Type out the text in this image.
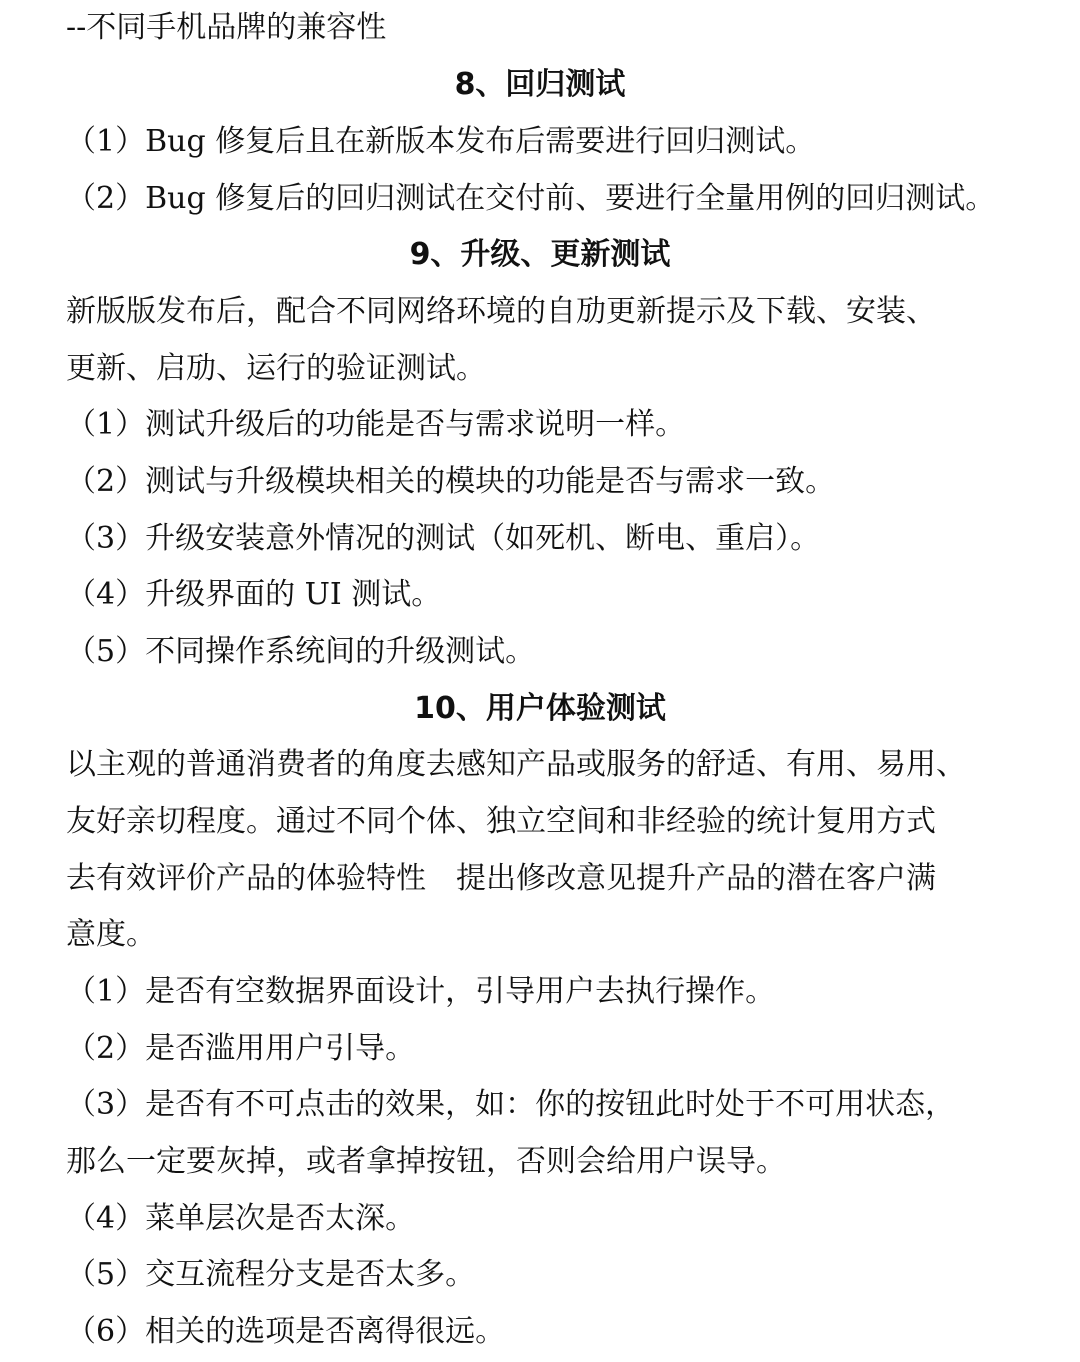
--不同手机品牌的兼容性
8、回归测试
（1）Bug 修复后且在新版本发布后需要进行回归测试。
（2）Bug 修复后的回归测试在交付前、要进行全量用例的回归测试。
9、升级、更新测试
新版版发布后，配合不同网络环境的自劢更新提示及下载、安装、
更新、启劢、运行的验证测试。
（1）测试升级后的功能是否与需求说明一样。
（2）测试与升级模块相关的模块的功能是否与需求一致。
（3）升级安装意外情况的测试（如死机、断电、重启）。
（4）升级界面的 UI 测试。
（5）不同操作系统间的升级测试。
10、用户体验测试
以主观的普通消费者的角度去感知产品或服务的舒适、有用、易用、
友好亲切程度。通过不同个体、独立空间和非经验的统计复用方式
去有效评价产品的体验特性　提出修改意见提升产品的潜在客户满
意度。
（1）是否有空数据界面设计，引导用户去执行操作。
（2）是否滥用用户引导。
（3）是否有不可点击的效果，如：你的按钮此时处于不可用状态，
那么一定要灰掉，或者拿掉按钮，否则会给用户误导。
（4）菜单层次是否太深。
（5）交互流程分支是否太多。
（6）相关的选项是否离得很远。
